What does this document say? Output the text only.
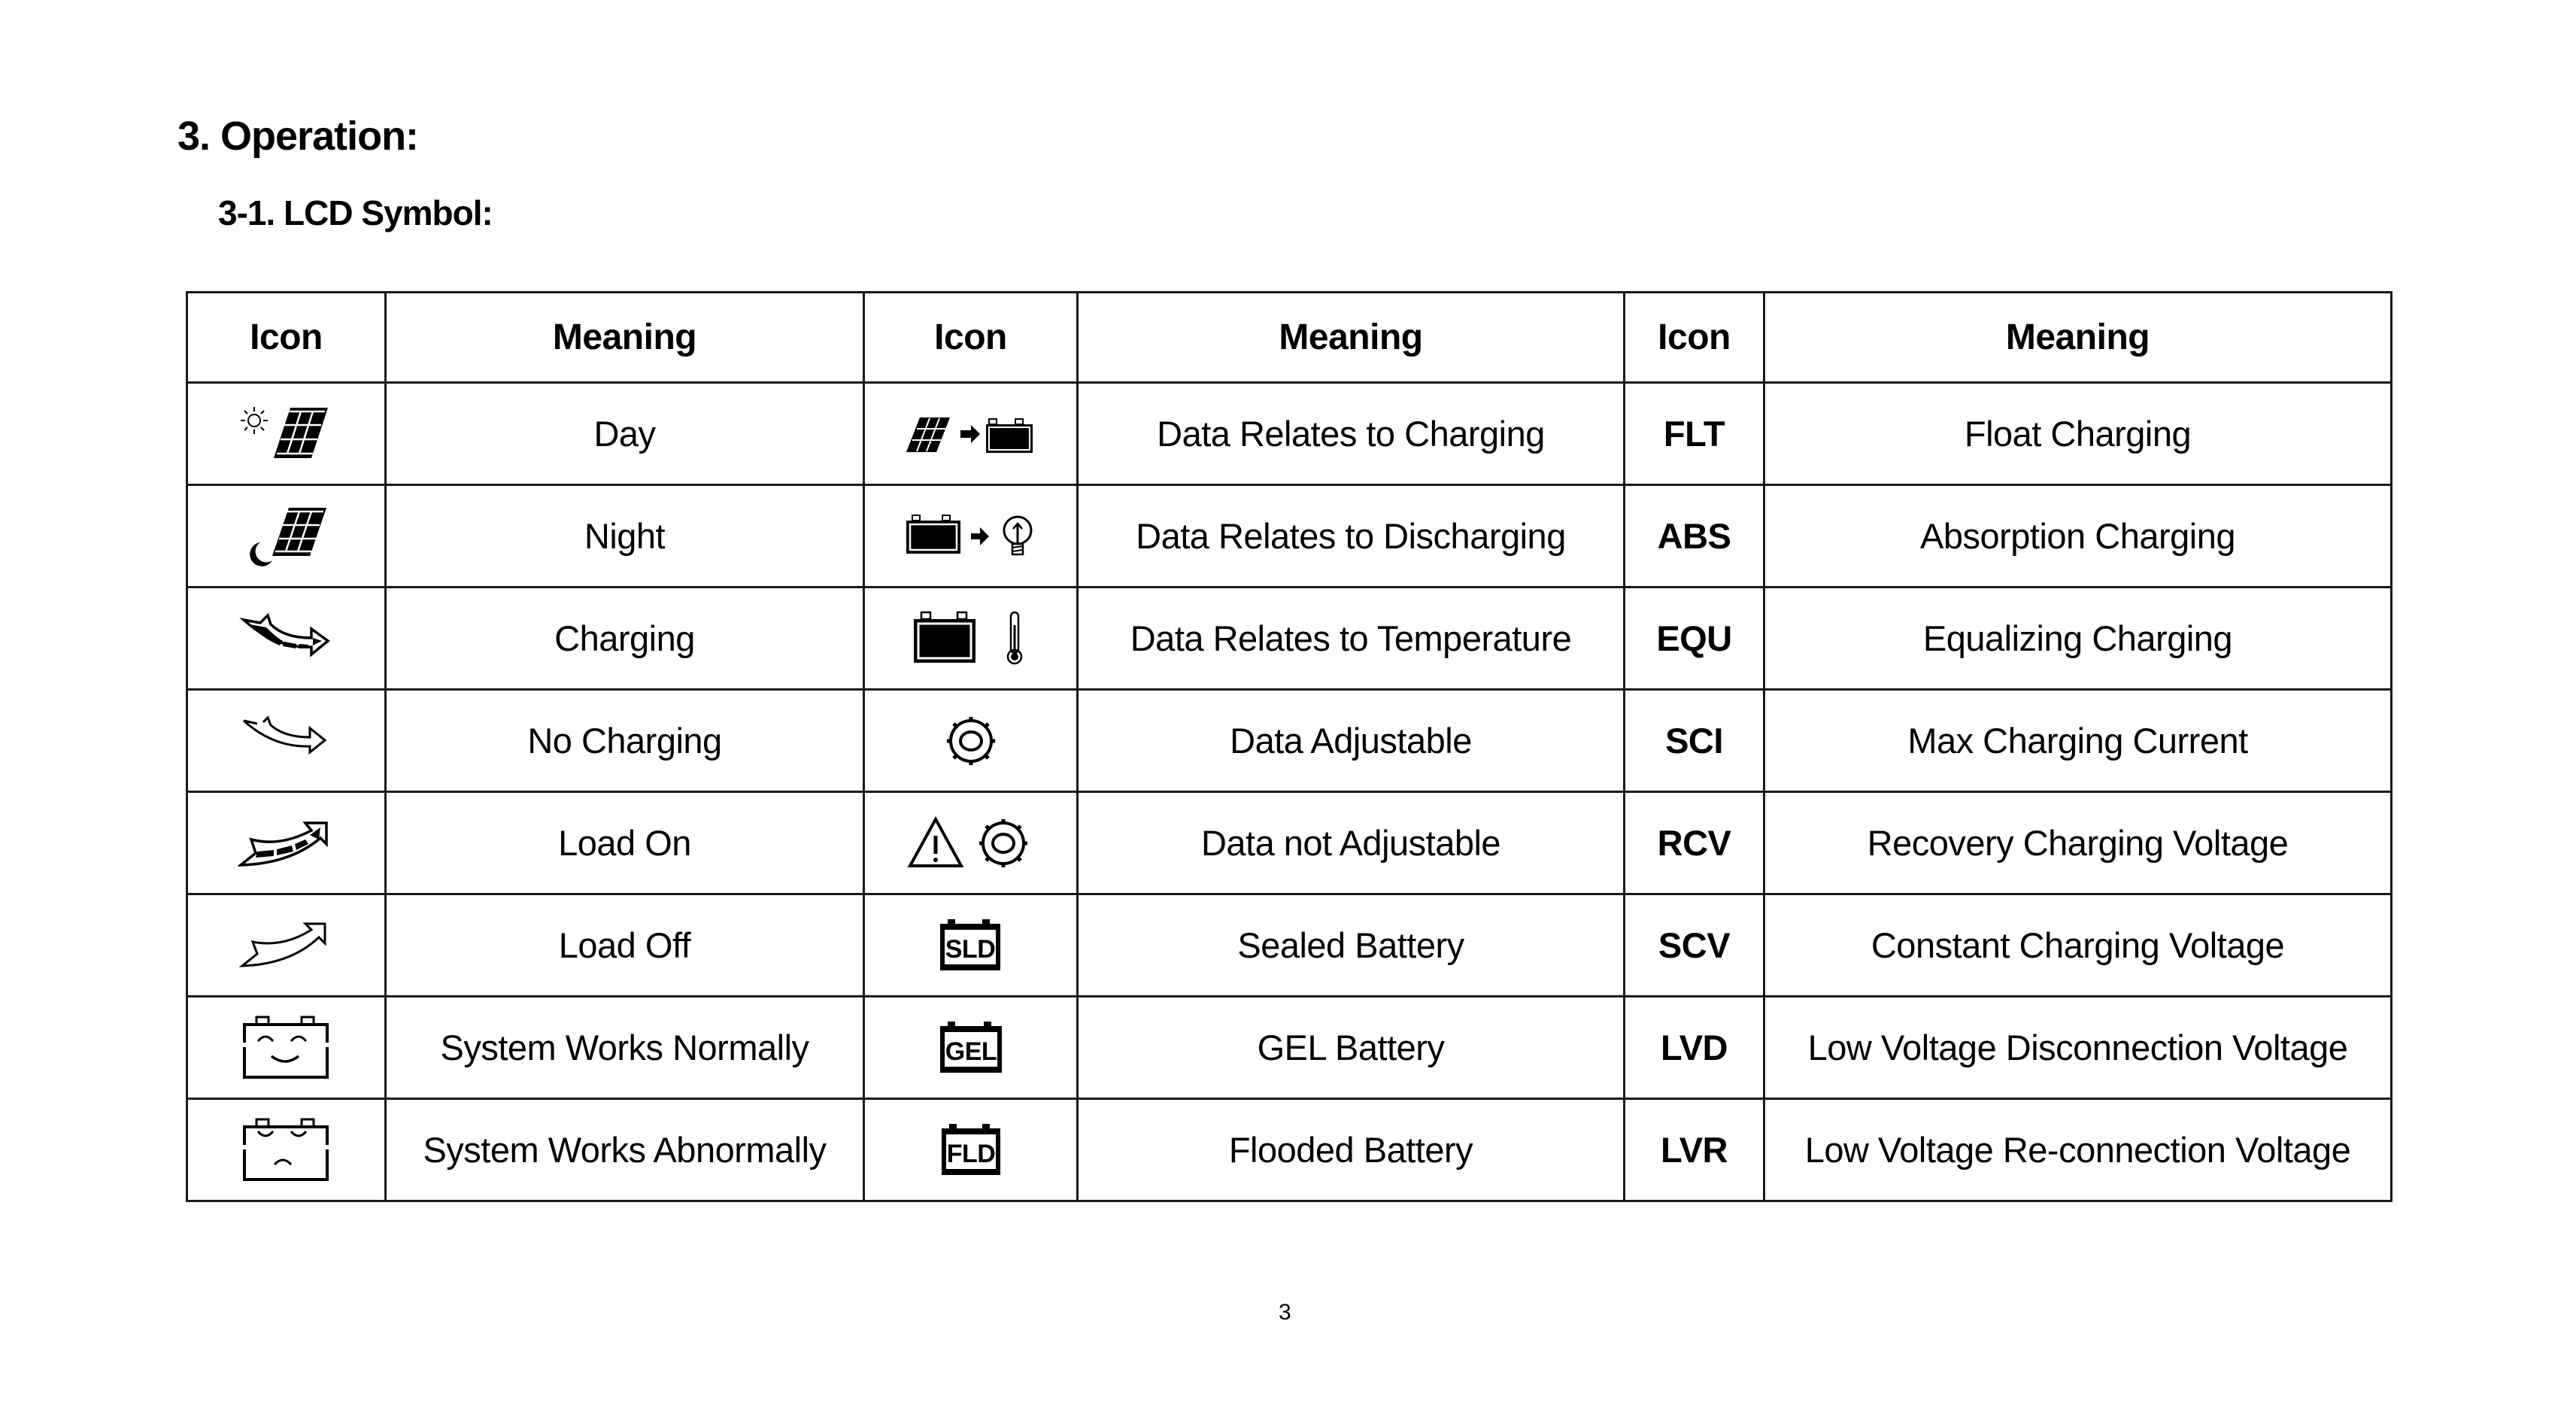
3. Operation:
3-1. LCD Symbol:
Icon	Meaning	Icon	Meaning	Icon	Meaning

	Day		Data Relates to Charging	FLT	Float Charging

	Night		Data Relates to Discharging	ABS	Absorption Charging

	Charging		Data Relates to Temperature	EQU	Equalizing Charging

	No Charging		Data Adjustable	SCI	Max Charging Current

	Load On		Data not Adjustable	RCV	Recovery Charging Voltage

	Load Off	SLD	Sealed Battery	SCV	Constant Charging Voltage

	System Works Normally	GEL	GEL Battery	LVD	Low Voltage Disconnection Voltage

	System Works Abnormally	FLD	Flooded Battery	LVR	Low Voltage Re-connection Voltage
3
